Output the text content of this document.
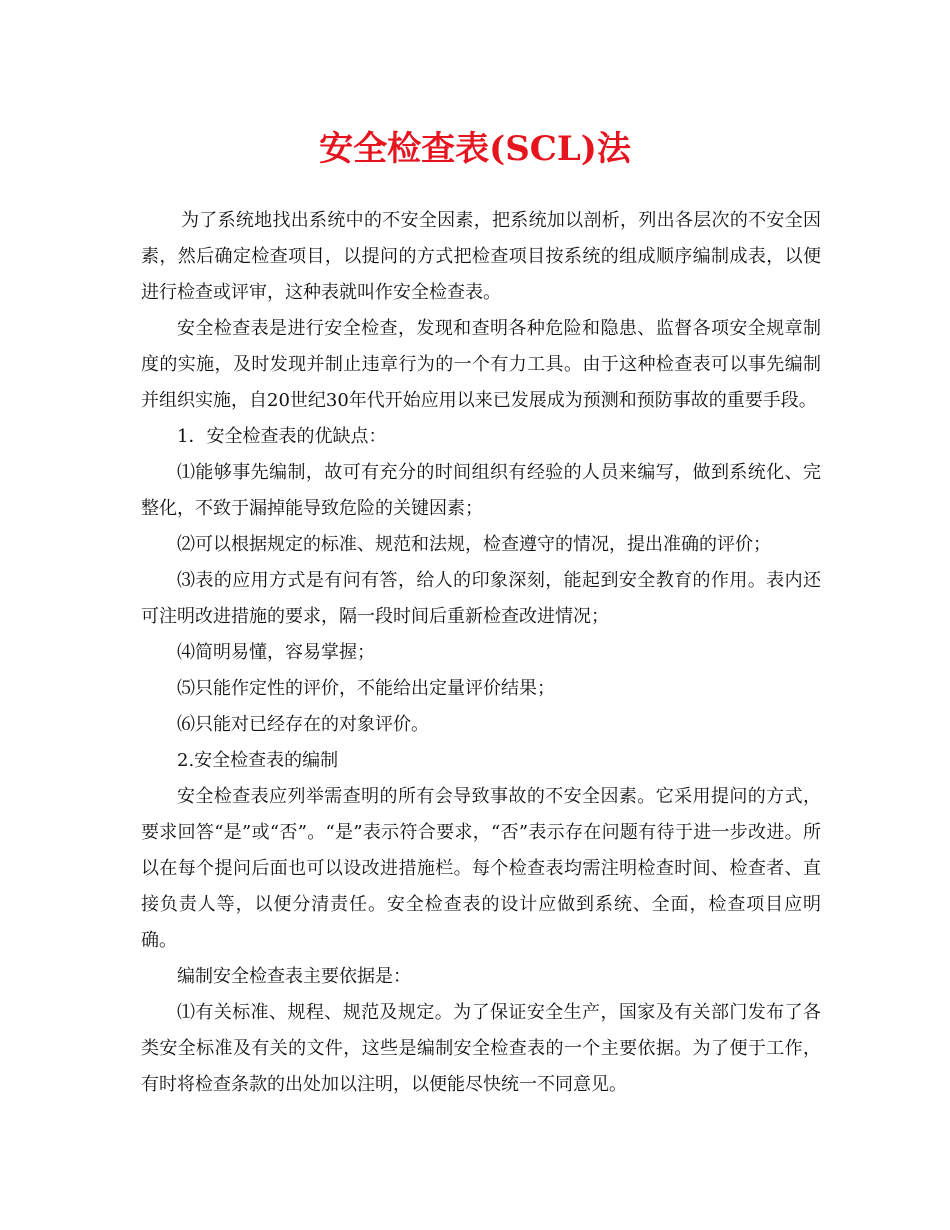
安全检查表(SCL)法

为了系统地找出系统中的不安全因素，把系统加以剖析，列出各层次的不安全因素，然后确定检查项目，以提问的方式把检查项目按系统的组成顺序编制成表，以便进行检查或评审，这种表就叫作安全检查表。

安全检查表是进行安全检查，发现和查明各种危险和隐患、监督各项安全规章制度的实施，及时发现并制止违章行为的一个有力工具。由于这种检查表可以事先编制并组织实施，自20世纪30年代开始应用以来已发展成为预测和预防事故的重要手段。

1．安全检查表的优缺点：

⑴能够事先编制，故可有充分的时间组织有经验的人员来编写，做到系统化、完整化，不致于漏掉能导致危险的关键因素；

⑵可以根据规定的标准、规范和法规，检查遵守的情况，提出准确的评价；

⑶表的应用方式是有问有答，给人的印象深刻，能起到安全教育的作用。表内还可注明改进措施的要求，隔一段时间后重新检查改进情况；

⑷简明易懂，容易掌握；

⑸只能作定性的评价，不能给出定量评价结果；

⑹只能对已经存在的对象评价。

2.安全检查表的编制

安全检查表应列举需查明的所有会导致事故的不安全因素。它采用提问的方式，要求回答“是”或“否”。“是”表示符合要求，“否”表示存在问题有待于进一步改进。所以在每个提问后面也可以设改进措施栏。每个检查表均需注明检查时间、检查者、直接负责人等，以便分清责任。安全检查表的设计应做到系统、全面，检查项目应明确。

编制安全检查表主要依据是：

⑴有关标准、规程、规范及规定。为了保证安全生产，国家及有关部门发布了各类安全标准及有关的文件，这些是编制安全检查表的一个主要依据。为了便于工作，有时将检查条款的出处加以注明，以便能尽快统一不同意见。
